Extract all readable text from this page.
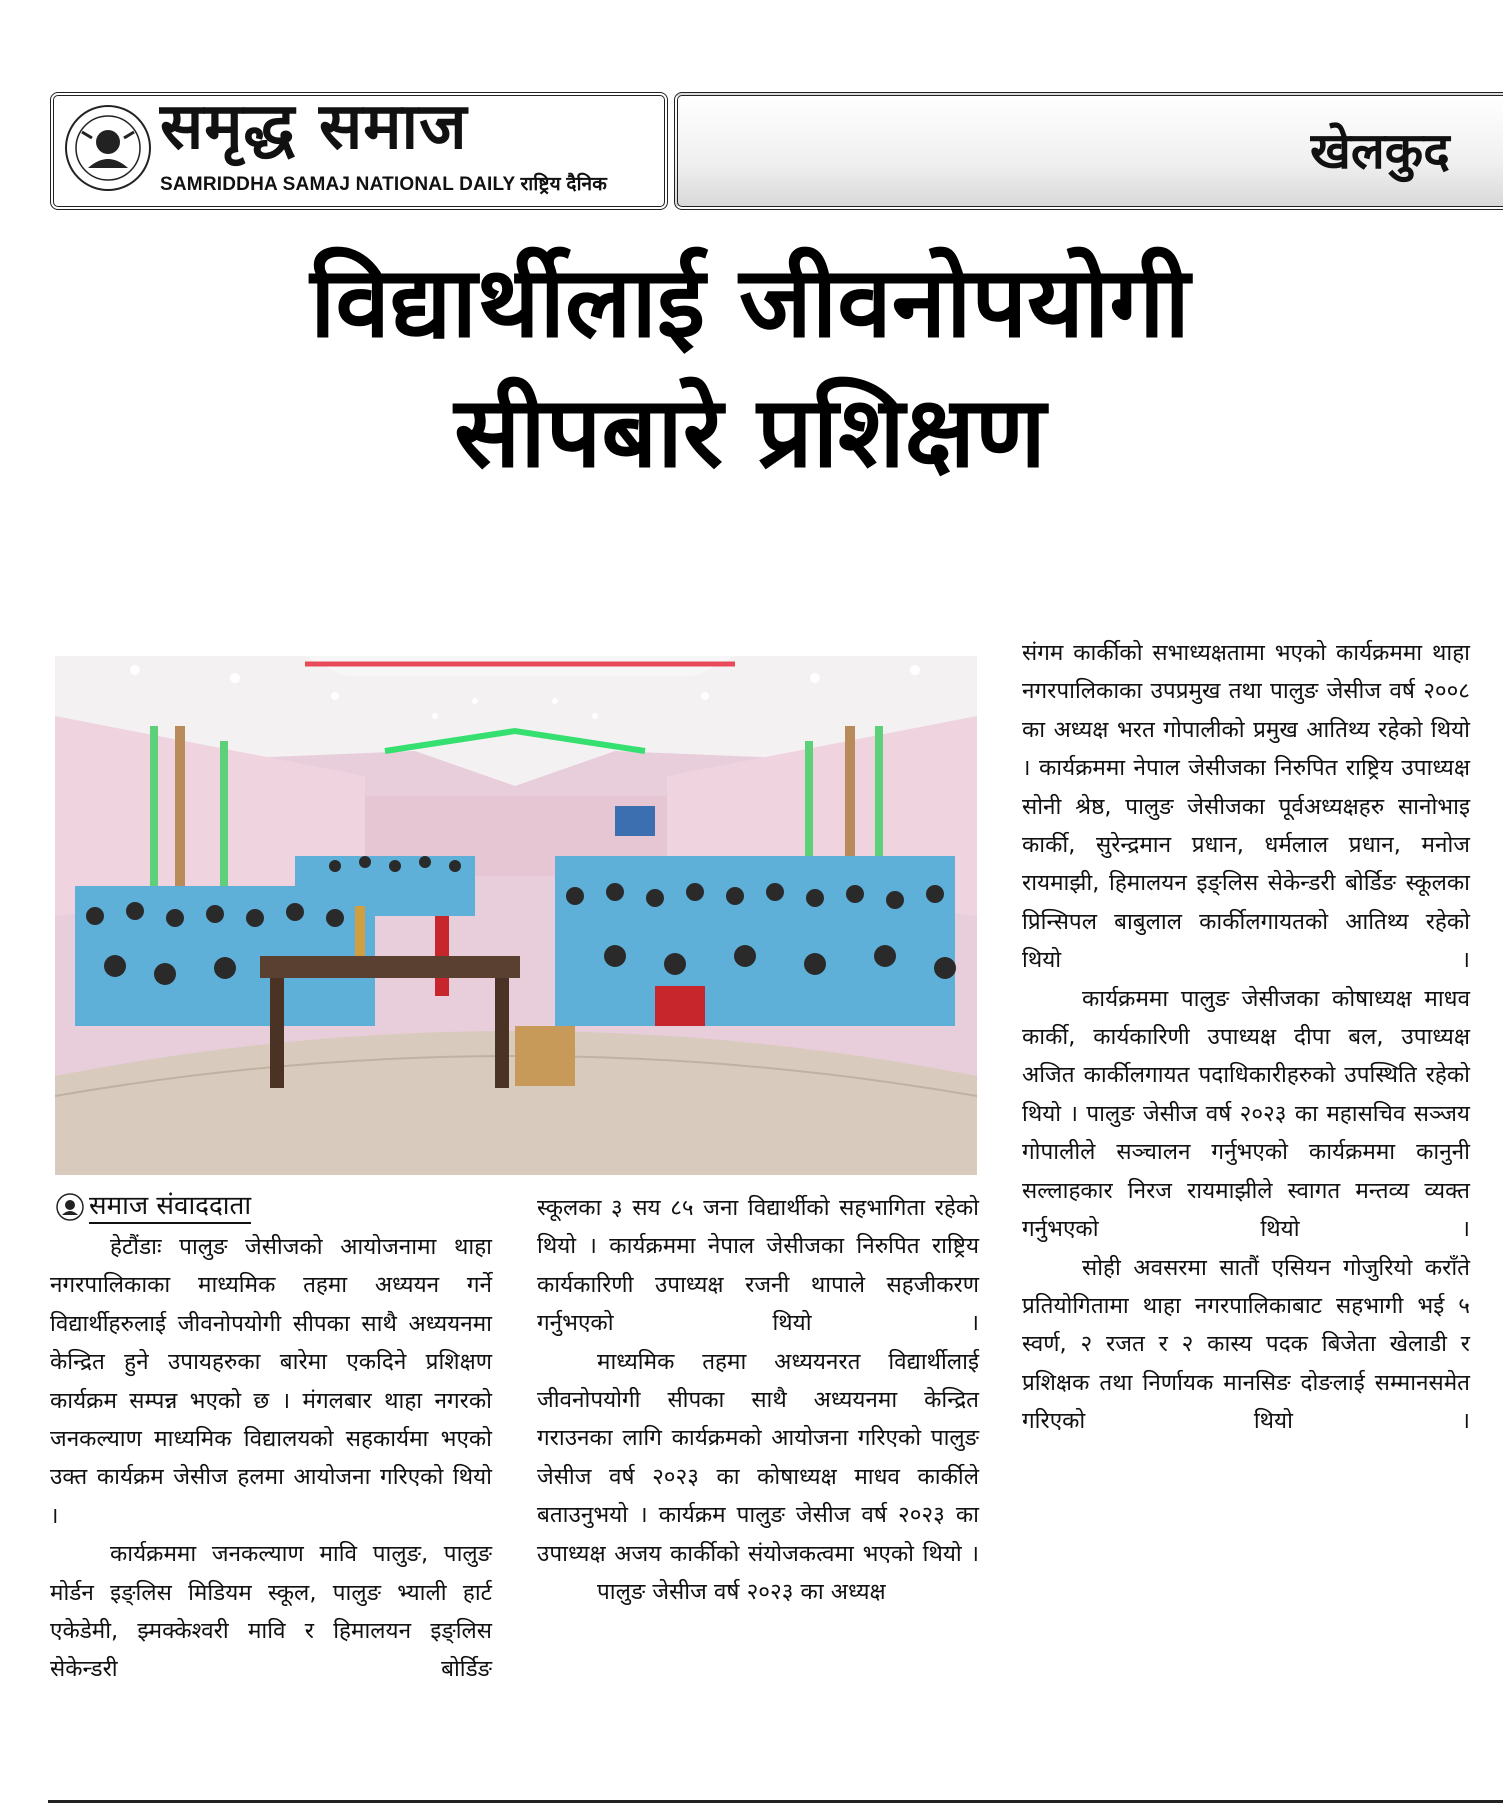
समृद्ध समाज
SAMRIDDHA SAMAJ NATIONAL DAILY राष्ट्रिय दैनिक
खेलकुद
विद्यार्थीलाई जीवनोपयोगी
सीपबारे प्रशिक्षण
समाज संवाददाता

हेटौंडाः पालुङ जेसीजको आयोजनामा थाहा नगरपालिकाका माध्यमिक तहमा अध्ययन गर्ने विद्यार्थीहरुलाई जीवनोपयोगी सीपका साथै अध्ययनमा केन्द्रित हुने उपायहरुका बारेमा एकदिने प्रशिक्षण कार्यक्रम सम्पन्न भएको छ । मंगलबार थाहा नगरको जनकल्याण माध्यमिक विद्यालयको सहकार्यमा भएको उक्त कार्यक्रम जेसीज हलमा आयोजना गरिएको थियो ।

कार्यक्रममा जनकल्याण मावि पालुङ, पालुङ मोर्डन इङ्लिस मिडियम स्कूल, पालुङ भ्याली हार्ट एकेडेमी, झ्मक्केश्वरी मावि र हिमालयन इङ्लिस सेकेन्डरी बोर्डिङ

स्कूलका ३ सय ८५ जना विद्यार्थीको सहभागिता रहेको थियो । कार्यक्रममा नेपाल जेसीजका निरुपित राष्ट्रिय कार्यकारिणी उपाध्यक्ष रजनी थापाले सहजीकरण गर्नुभएको थियो ।

माध्यमिक तहमा अध्ययनरत विद्यार्थीलाई जीवनोपयोगी सीपका साथै अध्ययनमा केन्द्रित गराउनका लागि कार्यक्रमको आयोजना गरिएको पालुङ जेसीज वर्ष २०२३ का कोषाध्यक्ष माधव कार्कीले बताउनुभयो । कार्यक्रम पालुङ जेसीज वर्ष २०२३ का उपाध्यक्ष अजय कार्कीको संयोजकत्वमा भएको थियो ।

पालुङ जेसीज वर्ष २०२३ का अध्यक्ष

संगम कार्कीको सभाध्यक्षतामा भएको कार्यक्रममा थाहा नगरपालिकाका उपप्रमुख तथा पालुङ जेसीज वर्ष २००८ का अध्यक्ष भरत गोपालीको प्रमुख आतिथ्य रहेको थियो । कार्यक्रममा नेपाल जेसीजका निरुपित राष्ट्रिय उपाध्यक्ष सोनी श्रेष्ठ, पालुङ जेसीजका पूर्वअध्यक्षहरु सानोभाइ कार्की, सुरेन्द्रमान प्रधान, धर्मलाल प्रधान, मनोज रायमाझी, हिमालयन इङ्लिस सेकेन्डरी बोर्डिङ स्कूलका प्रिन्सिपल बाबुलाल कार्कीलगायतको आतिथ्य रहेको थियो ।

कार्यक्रममा पालुङ जेसीजका कोषाध्यक्ष माधव कार्की, कार्यकारिणी उपाध्यक्ष दीपा बल, उपाध्यक्ष अजित कार्कीलगायत पदाधिकारीहरुको उपस्थिति रहेको थियो । पालुङ जेसीज वर्ष २०२३ का महासचिव सञ्जय गोपालीले सञ्चालन गर्नुभएको कार्यक्रममा कानुनी सल्लाहकार निरज रायमाझीले स्वागत मन्तव्य व्यक्त गर्नुभएको थियो ।

सोही अवसरमा सातौं एसियन गोजुरियो कराँते प्रतियोगितामा थाहा नगरपालिकाबाट सहभागी भई ५ स्वर्ण, २ रजत र २ कास्य पदक बिजेता खेलाडी र प्रशिक्षक तथा निर्णायक मानसिङ दोङलाई सम्मानसमेत गरिएको थियो ।
